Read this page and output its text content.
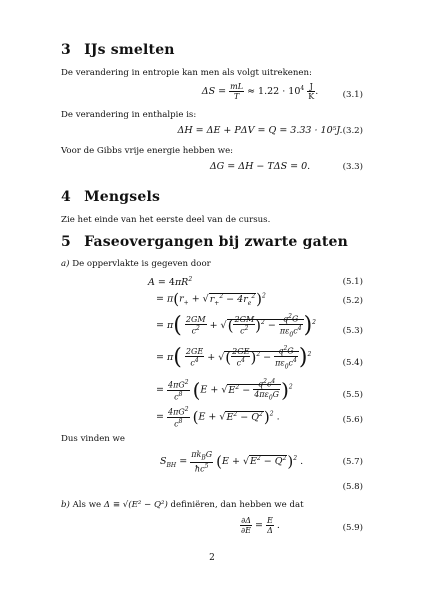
3 IJs smelten
De verandering in entropie kan men als volgt uitrekenen:
$\Delta S = \frac{mL}{T} \approx 1.22 \cdot 10^4 \frac{J}{K}$ .	(3.1)
De verandering in enthalpie is:
ΔH = ΔE + PΔV = Q = 3.33 · 10⁵J. (3.2)
Voor de Gibbs vrije energie hebben we:
ΔG = ΔH − TΔS = 0.	(3.3)
4 Mengsels
Zie het einde van het eerste deel van de cursus.
5 Faseovergangen bij zwarte gaten
a) De oppervlakte is gegeven door
$A = 4\pi R^2$	(5.1)
= $\pi(r_+ + √r_+^2 - 4r_e^2)^2$
(5.2)
= $\pi( \frac{2GM}{c^2}$ + √( $\frac{2GM}{c^2} )^2 - \frac{q^2G}{\pi\varepsilon_0c^4} )^2$
(5.3)
= $\pi( \frac{2GE}{c^4}$ + √( $\frac{2GE}{c^4} )^2 - \frac{q^2G}{\pi\varepsilon_0c^4} )^2$
(5.4)
= $\frac{4\pi G^2}{c^8} (E + √E^2 - \frac{q^2c^4}{4\pi\varepsilon_0G} )^2$
(5.5)
= $\frac{4\pi G^2}{c^8} (E + √E^2 - Q^2)^2$ .	(5.6)
Dus vinden we
$S_{BH} = \frac{\pi k_BG}{ħc^5} (E + √E^2 - Q^2)^2$ .	(5.7)
(5.8)
b) Als we Δ ≡ √(E² − Q²) definiëren, dan hebben we dat
$\frac{\partial\Delta}{\partial E} = \frac{E}{\Delta}$ .	(5.9)
2
